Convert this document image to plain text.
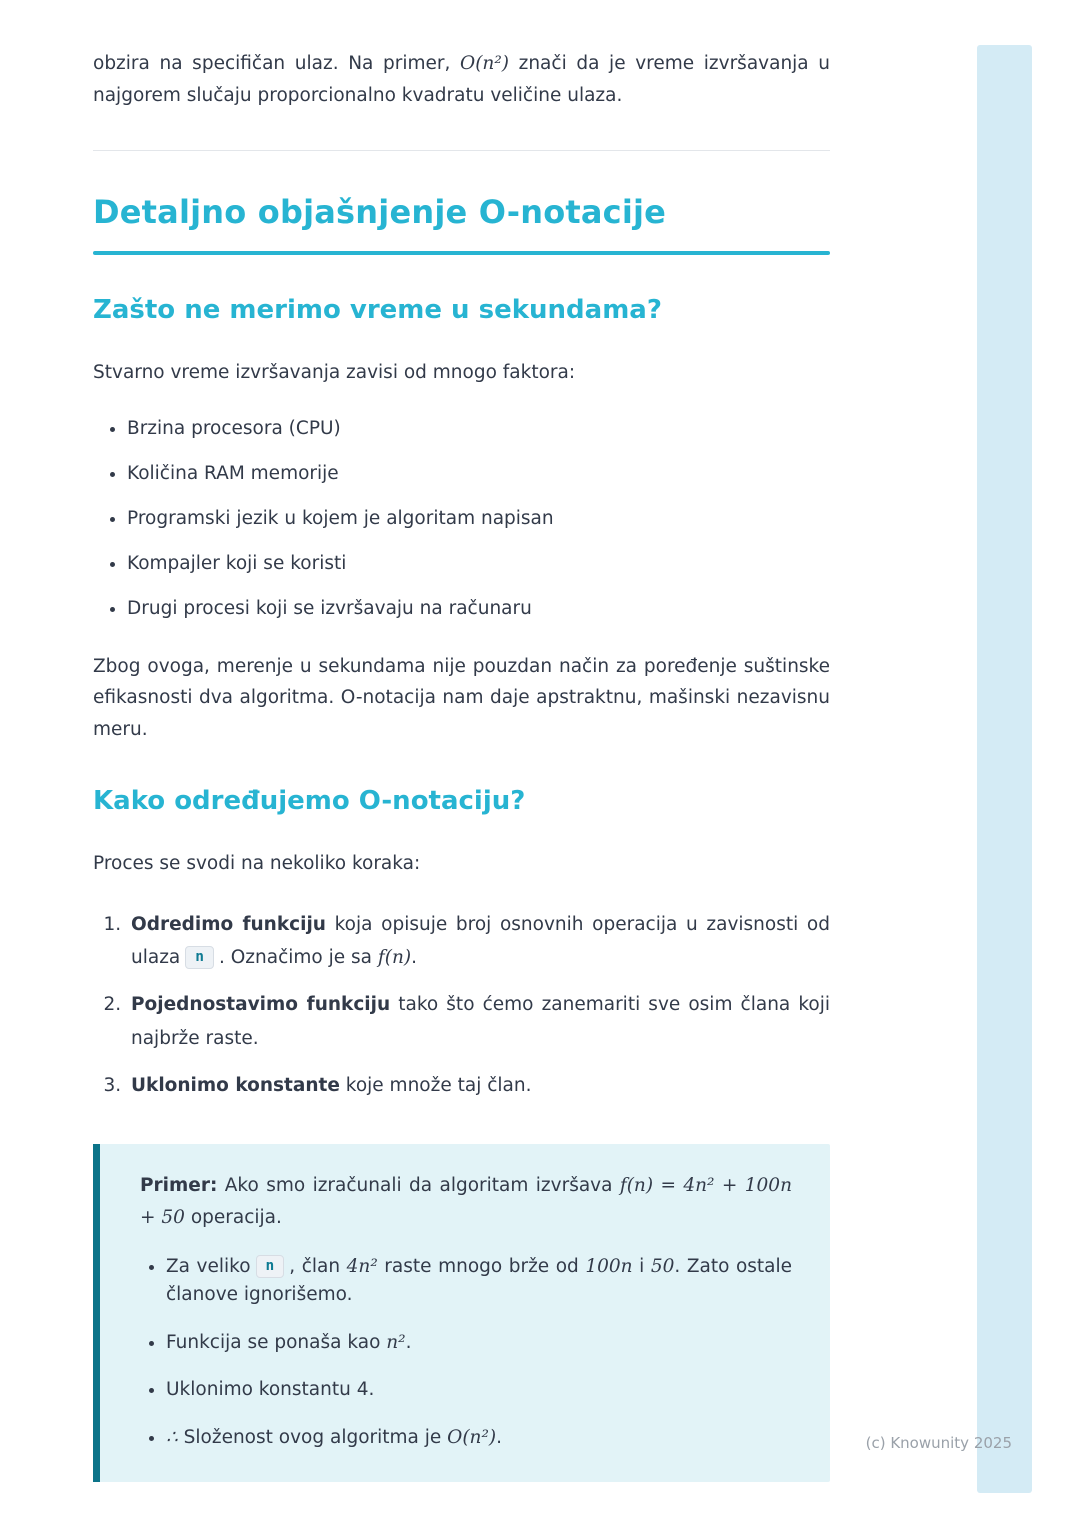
obzira na specifičan ulaz. Na primer, O(n²) znači da je vreme izvršavanja u najgorem slučaju proporcionalno kvadratu veličine ulaza.

Detaljno objašnjenje O-notacije
Zašto ne merimo vreme u sekundama?

Stvarno vreme izvršavanja zavisi od mnogo faktora:

• Brzina procesora (CPU)
• Količina RAM memorije
• Programski jezik u kojem je algoritam napisan
• Kompajler koji se koristi
• Drugi procesi koji se izvršavaju na računaru

Zbog ovoga, merenje u sekundama nije pouzdan način za poređenje suštinske efikasnosti dva algoritma. O-notacija nam daje apstraktnu, mašinski nezavisnu meru.

Kako određujemo O-notaciju?

Proces se svodi na nekoliko koraka:

1. Odredimo funkciju koja opisuje broj osnovnih operacija u zavisnosti od ulaza n . Označimo je sa f(n).
2. Pojednostavimo funkciju tako što ćemo zanemariti sve osim člana koji najbrže raste.
3. Uklonimo konstante koje množe taj član.

Primer: Ako smo izračunali da algoritam izvršava f(n) = 4n² + 100n + 50 operacija.

• Za veliko n , član 4n² raste mnogo brže od 100n i 50. Zato ostale članove ignorišemo.
• Funkcija se ponaša kao n².
• Uklonimo konstantu 4.
• ∴ Složenost ovog algoritma je O(n²).	(c) Knowunity 2025
